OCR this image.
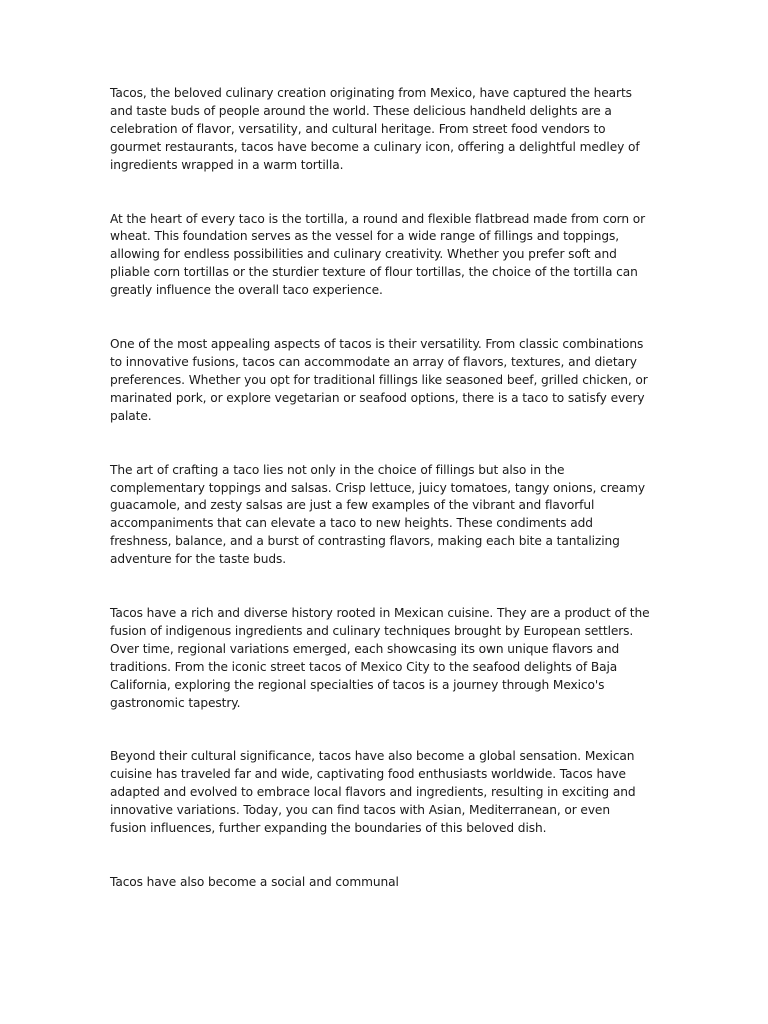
Tacos, the beloved culinary creation originating from Mexico, have captured the hearts and taste buds of people around the world. These delicious handheld delights are a celebration of flavor, versatility, and cultural heritage. From street food vendors to gourmet restaurants, tacos have become a culinary icon, offering a delightful medley of ingredients wrapped in a warm tortilla.

At the heart of every taco is the tortilla, a round and flexible flatbread made from corn or wheat. This foundation serves as the vessel for a wide range of fillings and toppings, allowing for endless possibilities and culinary creativity. Whether you prefer soft and pliable corn tortillas or the sturdier texture of flour tortillas, the choice of the tortilla can greatly influence the overall taco experience.

One of the most appealing aspects of tacos is their versatility. From classic combinations to innovative fusions, tacos can accommodate an array of flavors, textures, and dietary preferences. Whether you opt for traditional fillings like seasoned beef, grilled chicken, or marinated pork, or explore vegetarian or seafood options, there is a taco to satisfy every palate.

The art of crafting a taco lies not only in the choice of fillings but also in the complementary toppings and salsas. Crisp lettuce, juicy tomatoes, tangy onions, creamy guacamole, and zesty salsas are just a few examples of the vibrant and flavorful accompaniments that can elevate a taco to new heights. These condiments add freshness, balance, and a burst of contrasting flavors, making each bite a tantalizing adventure for the taste buds.

Tacos have a rich and diverse history rooted in Mexican cuisine. They are a product of the fusion of indigenous ingredients and culinary techniques brought by European settlers. Over time, regional variations emerged, each showcasing its own unique flavors and traditions. From the iconic street tacos of Mexico City to the seafood delights of Baja California, exploring the regional specialties of tacos is a journey through Mexico's gastronomic tapestry.

Beyond their cultural significance, tacos have also become a global sensation. Mexican cuisine has traveled far and wide, captivating food enthusiasts worldwide. Tacos have adapted and evolved to embrace local flavors and ingredients, resulting in exciting and innovative variations. Today, you can find tacos with Asian, Mediterranean, or even fusion influences, further expanding the boundaries of this beloved dish.

Tacos have also become a social and communal
